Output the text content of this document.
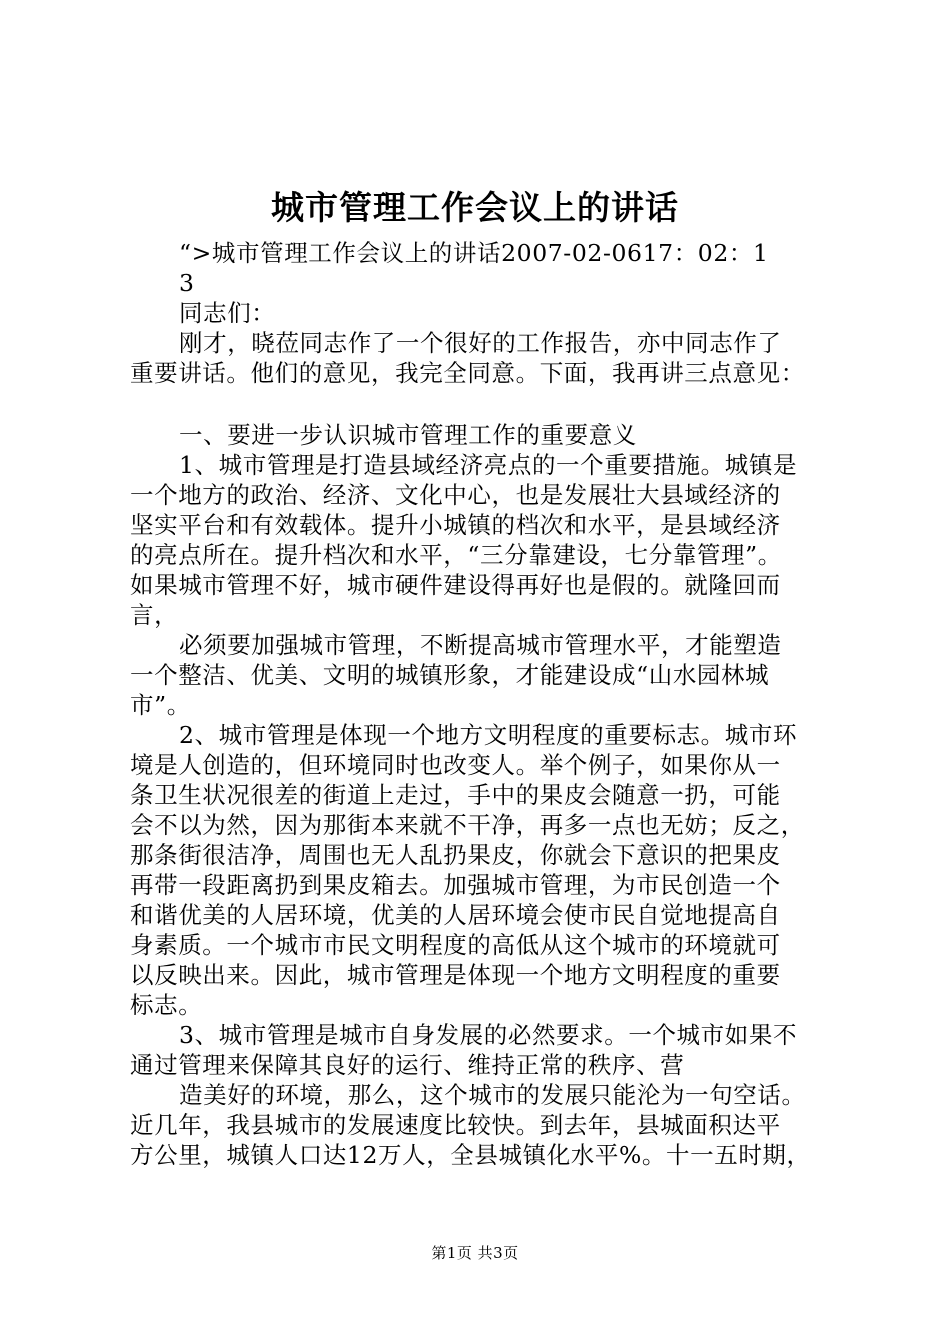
城市管理工作会议上的讲话
“>城市管理工作会议上的讲话2007-02-0617：02：1
3
同志们：
刚才，晓莅同志作了一个很好的工作报告，亦中同志作了
重要讲话。他们的意见，我完全同意。下面，我再讲三点意见：
一、要进一步认识城市管理工作的重要意义
1、城市管理是打造县域经济亮点的一个重要措施。城镇是
一个地方的政治、经济、文化中心，也是发展壮大县域经济的
坚实平台和有效载体。提升小城镇的档次和水平，是县域经济
的亮点所在。提升档次和水平，“三分靠建设，七分靠管理”。
如果城市管理不好，城市硬件建设得再好也是假的。就隆回而
言，
必须要加强城市管理，不断提高城市管理水平，才能塑造
一个整洁、优美、文明的城镇形象，才能建设成“山水园林城
市”。
2、城市管理是体现一个地方文明程度的重要标志。城市环
境是人创造的，但环境同时也改变人。举个例子，如果你从一
条卫生状况很差的街道上走过，手中的果皮会随意一扔，可能
会不以为然，因为那街本来就不干净，再多一点也无妨；反之，
那条街很洁净，周围也无人乱扔果皮，你就会下意识的把果皮
再带一段距离扔到果皮箱去。加强城市管理，为市民创造一个
和谐优美的人居环境，优美的人居环境会使市民自觉地提高自
身素质。一个城市市民文明程度的高低从这个城市的环境就可
以反映出来。因此，城市管理是体现一个地方文明程度的重要
标志。
3、城市管理是城市自身发展的必然要求。一个城市如果不
通过管理来保障其良好的运行、维持正常的秩序、营
造美好的环境，那么，这个城市的发展只能沦为一句空话。
近几年，我县城市的发展速度比较快。到去年，县城面积达平
方公里，城镇人口达12万人，全县城镇化水平%。十一五时期，
第1页 共3页
